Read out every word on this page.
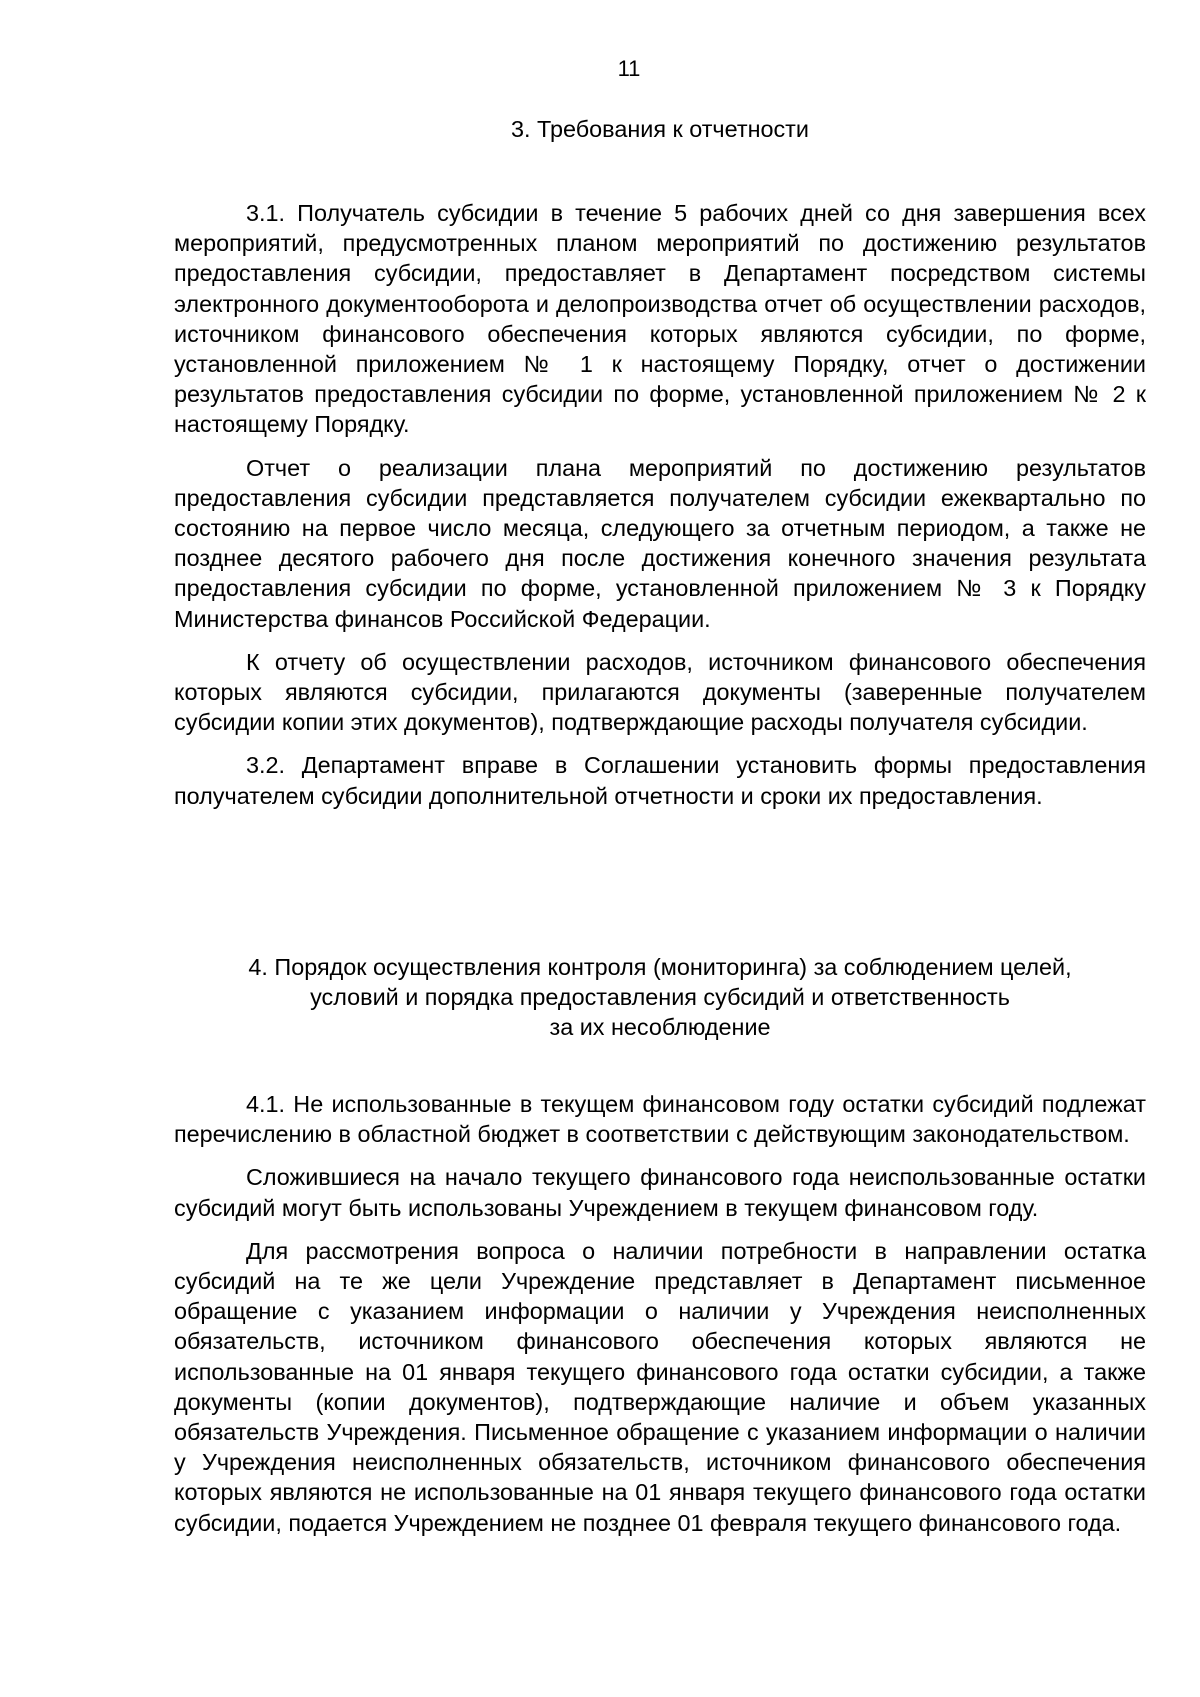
11

3. Требования к отчетности

3.1. Получатель субсидии в течение 5 рабочих дней со дня завершения всех мероприятий, предусмотренных планом мероприятий по достижению результатов предоставления субсидии, предоставляет в Департамент посредством системы электронного документооборота и делопроизводства отчет об осуществлении расходов, источником финансового обеспечения которых являются субсидии, по форме, установленной приложением № 1 к настоящему Порядку, отчет о достижении результатов предоставления субсидии по форме, установленной приложением № 2 к настоящему Порядку.

Отчет о реализации плана мероприятий по достижению результатов предоставления субсидии представляется получателем субсидии ежеквартально по состоянию на первое число месяца, следующего за отчетным периодом, а также не позднее десятого рабочего дня после достижения конечного значения результата предоставления субсидии по форме, установленной приложением № 3 к Порядку Министерства финансов Российской Федерации.

К отчету об осуществлении расходов, источником финансового обеспечения которых являются субсидии, прилагаются документы (заверенные получателем субсидии копии этих документов), подтверждающие расходы получателя субсидии.

3.2. Департамент вправе в Соглашении установить формы предоставления получателем субсидии дополнительной отчетности и сроки их предоставления.

4. Порядок осуществления контроля (мониторинга) за соблюдением целей,
условий и порядка предоставления субсидий и ответственность
за их несоблюдение

4.1. Не использованные в текущем финансовом году остатки субсидий подлежат перечислению в областной бюджет в соответствии с действующим законодательством.

Сложившиеся на начало текущего финансового года неиспользованные остатки субсидий могут быть использованы Учреждением в текущем финансовом году.

Для рассмотрения вопроса о наличии потребности в направлении остатка субсидий на те же цели Учреждение представляет в Департамент письменное обращение с указанием информации о наличии у Учреждения неисполненных обязательств, источником финансового обеспечения которых являются не использованные на 01 января текущего финансового года остатки субсидии, а также документы (копии документов), подтверждающие наличие и объем указанных обязательств Учреждения. Письменное обращение с указанием информации о наличии у Учреждения неисполненных обязательств, источником финансового обеспечения которых являются не использованные на 01 января текущего финансового года остатки субсидии, подается Учреждением не позднее 01 февраля текущего финансового года.
